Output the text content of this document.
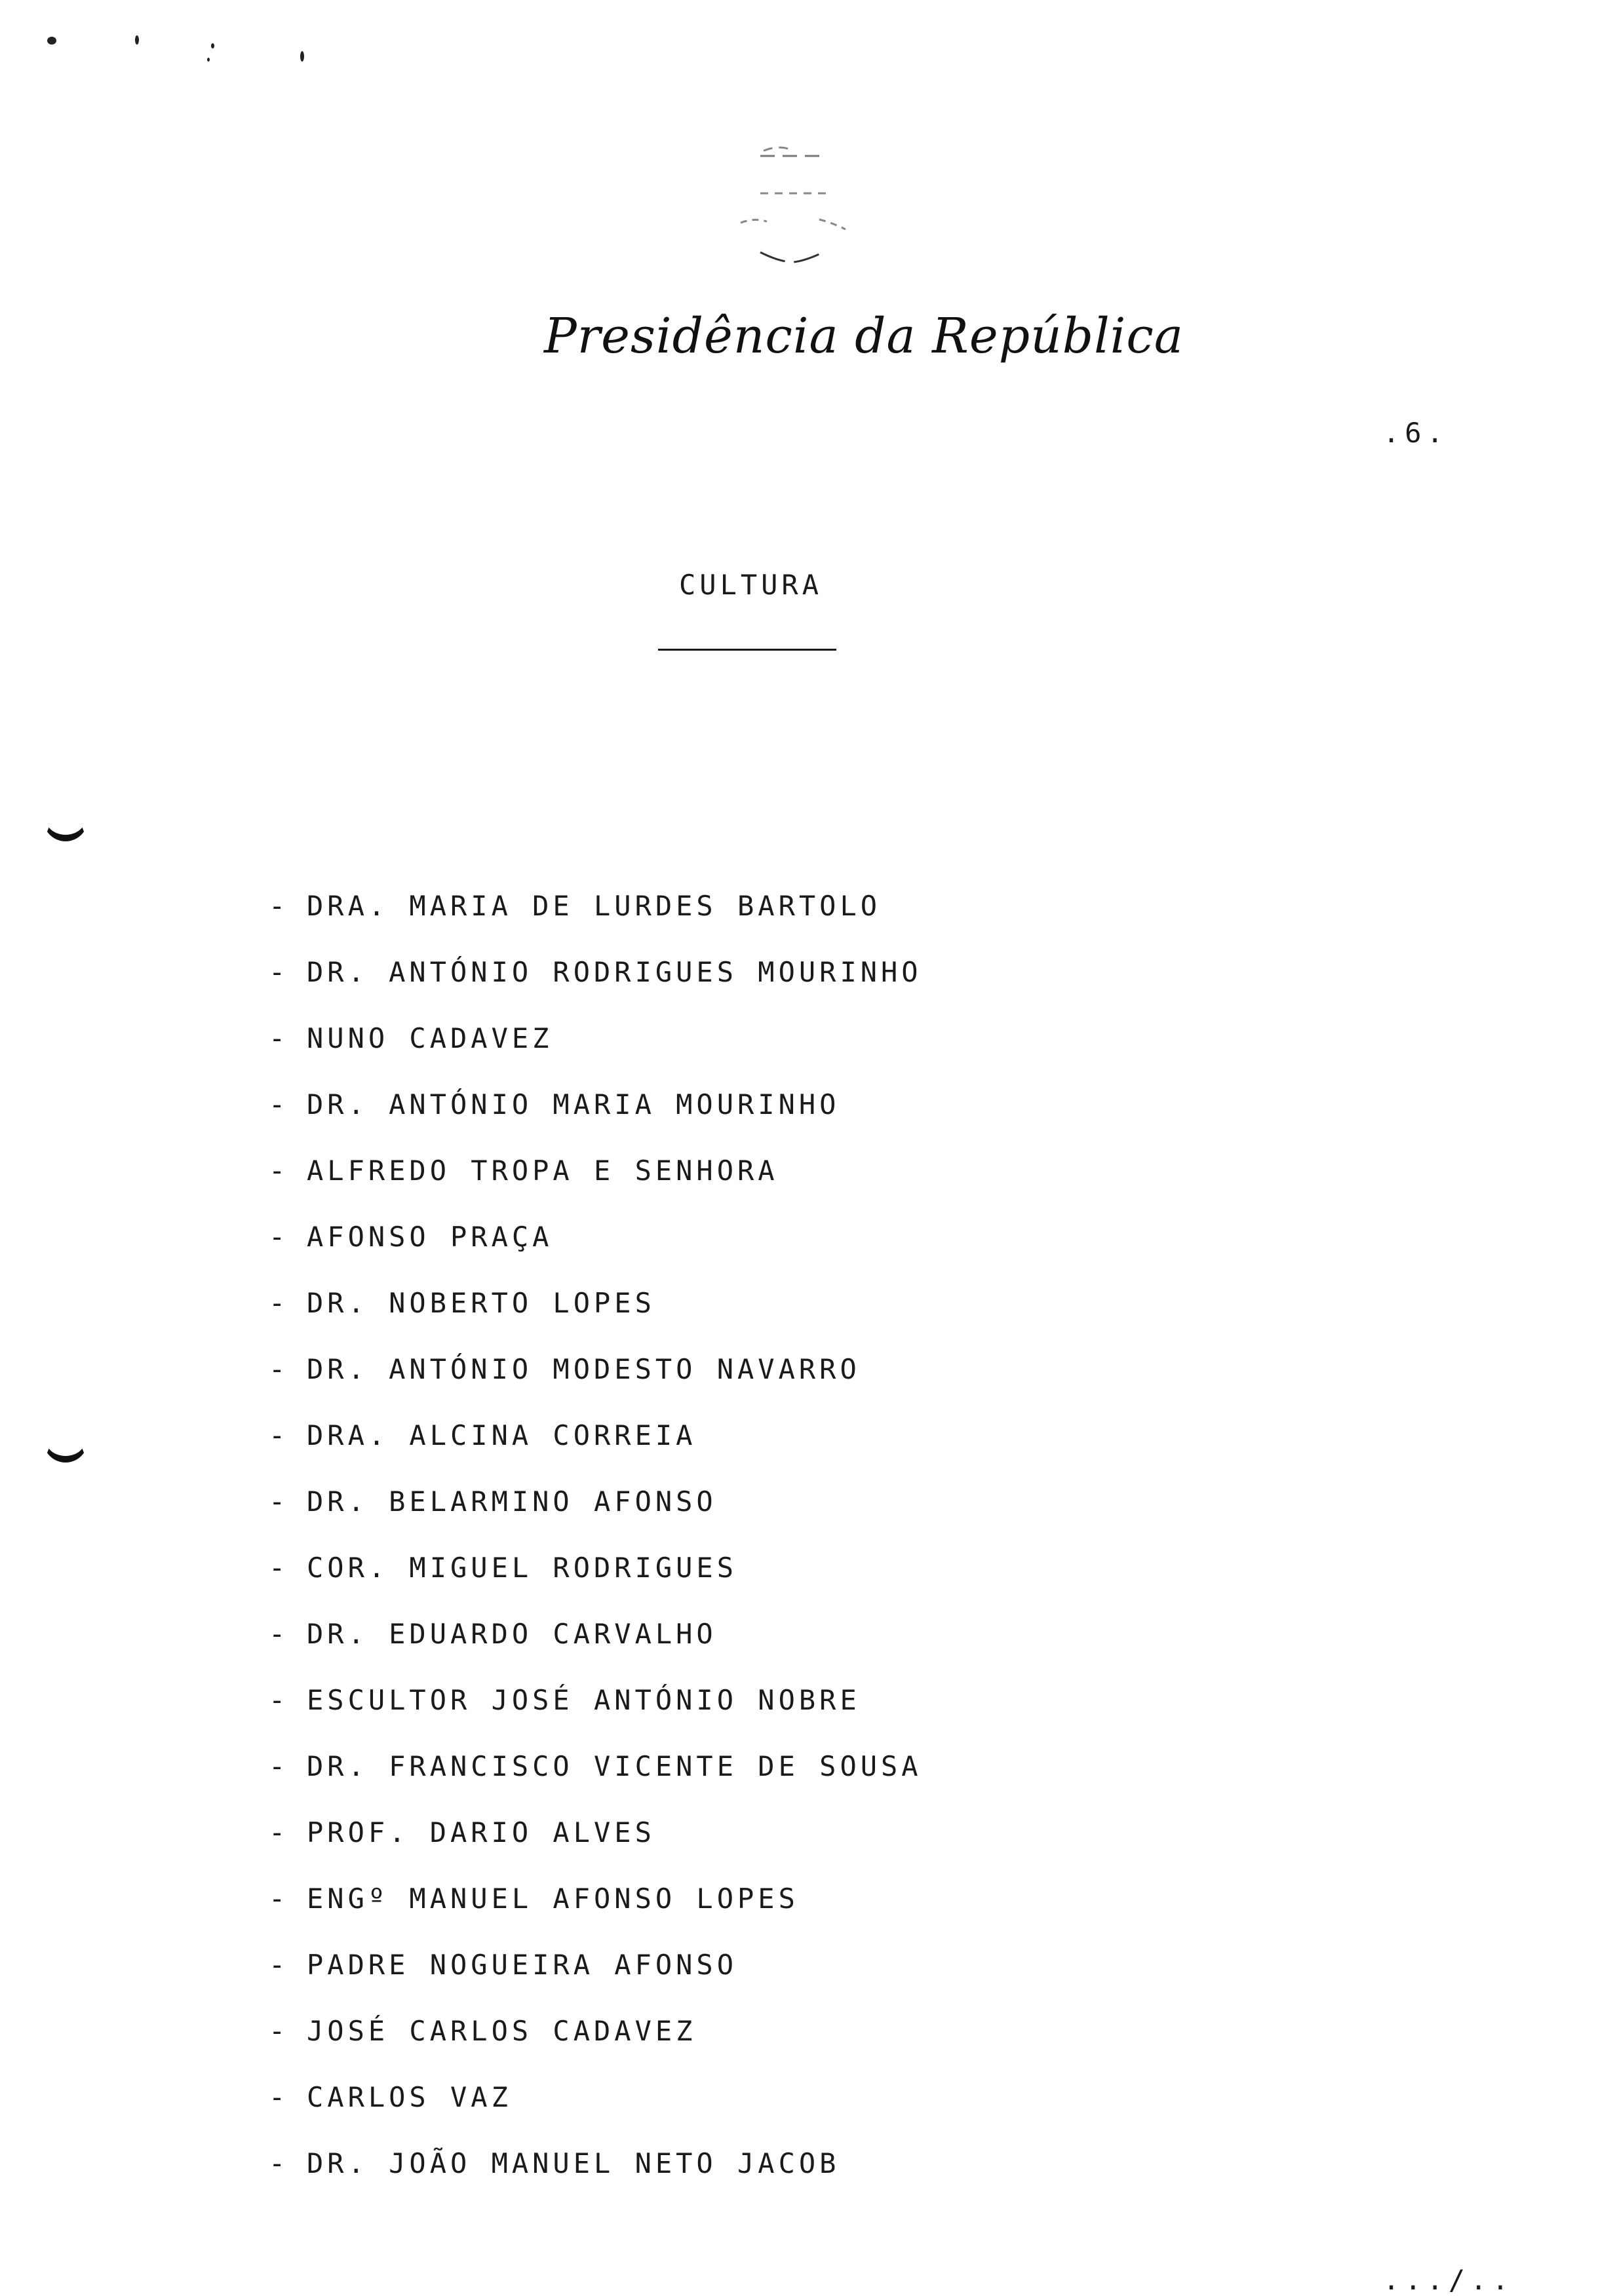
Presidência da República
.6.
CULTURA
- DRA. MARIA DE LURDES BARTOLO
- DR. ANTÓNIO RODRIGUES MOURINHO
- NUNO CADAVEZ
- DR. ANTÓNIO MARIA MOURINHO
- ALFREDO TROPA E SENHORA
- AFONSO PRAÇA
- DR. NOBERTO LOPES
- DR. ANTÓNIO MODESTO NAVARRO
- DRA. ALCINA CORREIA
- DR. BELARMINO AFONSO
- COR. MIGUEL RODRIGUES
- DR. EDUARDO CARVALHO
- ESCULTOR JOSÉ ANTÓNIO NOBRE
- DR. FRANCISCO VICENTE DE SOUSA
- PROF. DARIO ALVES
- ENGº MANUEL AFONSO LOPES
- PADRE NOGUEIRA AFONSO
- JOSÉ CARLOS CADAVEZ
- CARLOS VAZ
- DR. JOÃO MANUEL NETO JACOB
.../..
